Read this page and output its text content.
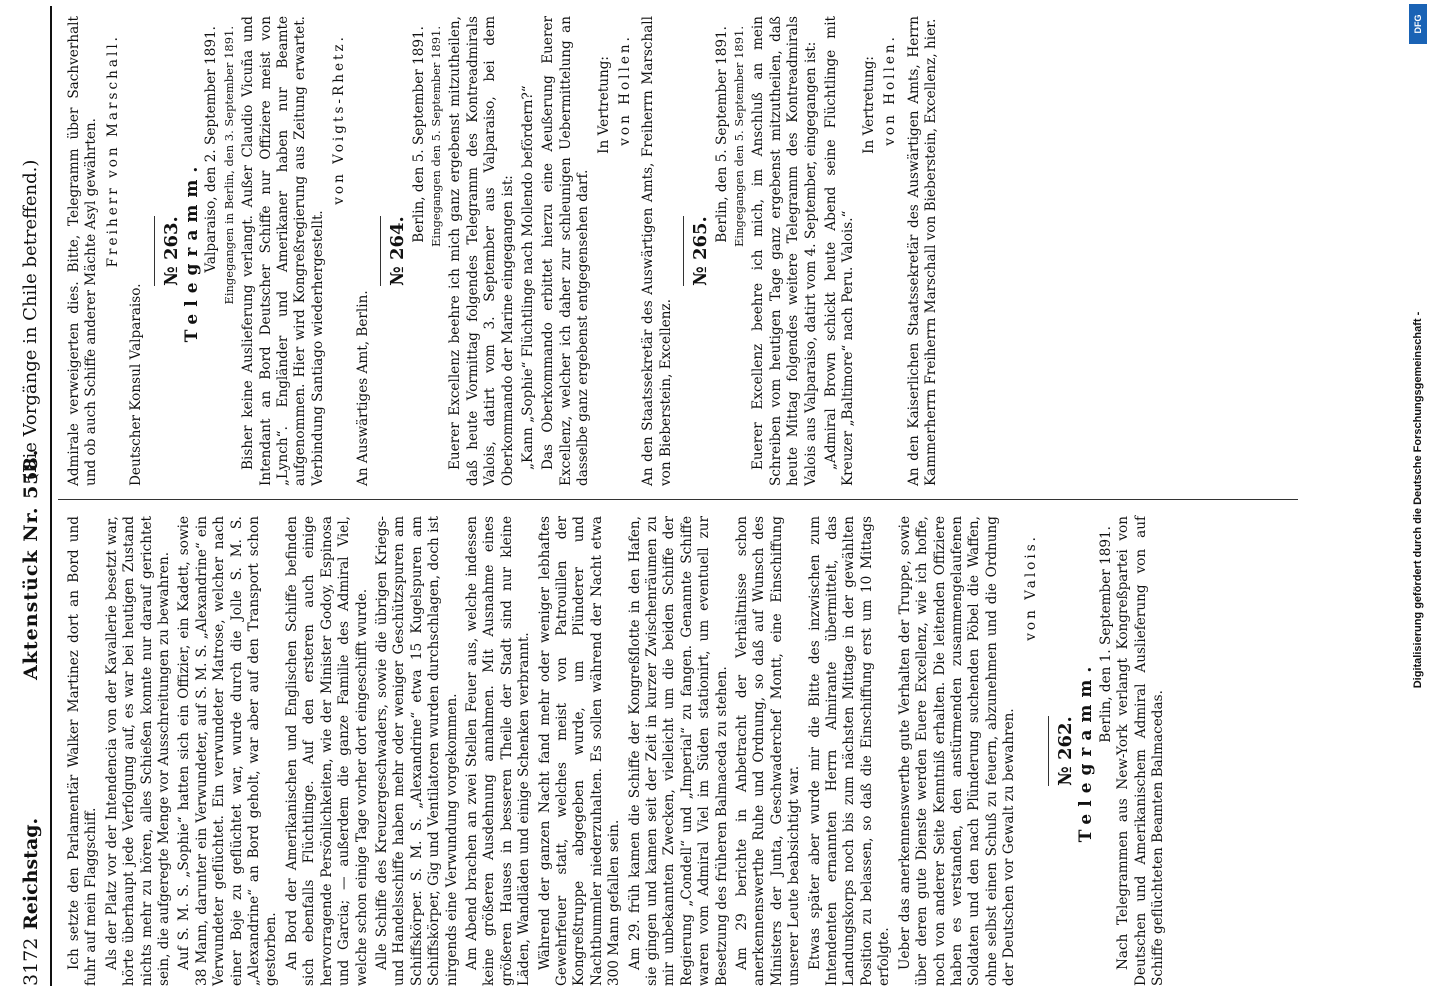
3172
Reichstag.
Aktenstück Nr. 558.
(Die Vorgänge in Chile betreffend.)

Ich setzte den Parlamentär Walker Martinez dort an Bord und fuhr auf mein Flaggschiff. Als der Platz vor der Intendencia von der Kavallerie besetzt war, hörte überhaupt jede Verfolgung auf, es war bei heutigen Zustand nichts mehr zu hören, alles Schießen konnte nur darauf gerichtet sein, die aufgeregte Menge vor Ausschreitungen zu bewahren. Auf S. M. S. „Sophie“ hatten sich ein Offizier, ein Kadett, sowie 38 Mann, darunter ein Verwundeter, auf S. M. S. „Alexandrine“ ein Verwundeter geflüchtet. Ein verwundeter Matrose, welcher nach einer Boje zu geflüchtet war, wurde durch die Jolle S. M. S. „Alexandrine“ an Bord geholt, war aber auf den Transport schon gestorben. An Bord der Amerikanischen und Englischen Schiffe befinden sich ebenfalls Flüchtlinge. Auf den ersteren auch einige hervorragende Persönlichkeiten, wie der Minister Godoy, Espinosa und Garcia; — außerdem die ganze Familie des Admiral Viel, welche schon einige Tage vorher dort eingeschifft wurde. Alle Schiffe des Kreuzergeschwaders, sowie die übrigen Kriegs- und Handelsschiffe haben mehr oder weniger Geschützspuren am Schiffskörper. S. M. S. „Alexandrine“ etwa 15 Kugelspuren am Schiffskörper, Gig und Ventilatoren wurden durchschlagen, doch ist nirgends eine Verwundung vorgekommen. Am Abend brachen an zwei Stellen Feuer aus, welche indessen keine größeren Ausdehnung annahmen. Mit Ausnahme eines größeren Hauses in besseren Theile der Stadt sind nur kleine Läden, Wandläden und einige Schenken verbrannt. Während der ganzen Nacht fand mehr oder weniger lebhaftes Gewehrfeuer statt, welches meist von Patrouillen der Kongreßtruppe abgegeben wurde, um Plünderer und Nachtbummler niederzuhalten. Es sollen während der Nacht etwa 300 Mann gefallen sein. Am 29. früh kamen die Schiffe der Kongreßflotte in den Hafen, sie gingen und kamen seit der Zeit in kurzer Zwischenräumen zu mir unbekannten Zwecken, vielleicht um die beiden Schiffe der Regierung „Condell“ und „Imperial“ zu fangen. Genannte Schiffe waren vom Admiral Viel im Süden stationirt, um eventuell zur Besetzung des früheren Balmaceda zu stehen. Am 29 berichte in Anbetracht der Verhältnisse schon anerkennenswerthe Ruhe und Ordnung, so daß auf Wunsch des Ministers der Junta, Geschwaderchef Montt, eine Einschiffung unserer Leute beabsichtigt war. Etwas später aber wurde mir die Bitte des inzwischen zum Intendenten ernannten Herrn Almirante übermittelt, das Landungskorps noch bis zum nächsten Mittage in der gewählten Position zu belassen, so daß die Einschiffung erst um 10 Mittags erfolgte. Ueber das anerkennenswerthe gute Verhalten der Truppe, sowie über deren gute Dienste werden Euere Excellenz, wie ich hoffe, noch von anderer Seite Kenntniß erhalten. Die leitenden Offiziere haben es verstanden, den anstürmenden zusammengelaufenen Soldaten und den nach Plünderung suchenden Pöbel die Waffen, ohne selbst einen Schuß zu feuern, abzunehmen und die Ordnung der Deutschen vor Gewalt zu bewahren.

von Valois.
№ 262. Telegramm.
Berlin, den 1. September 1891. Nach Telegrammen aus New-York verlangt Kongreßpartei von Deutschen und Amerikanischem Admiral Auslieferung von auf Schiffe geflüchteten Beamten Balmacedas.

Admirale verweigerten dies. Bitte, Telegramm über Sachverhalt und ob auch Schiffe anderer Mächte Asyl gewährten. Freiherr von Marschall.

Deutscher Konsul Valparaiso.

№ 263. Telegramm. Valparaiso, den 2. September 1891. Eingegangen in Berlin, den 3. September 1891. Bisher keine Auslieferung verlangt. Außer Claudio Vicuña und Intendant an Bord Deutscher Schiffe nur Offiziere meist von „Lynch“. Engländer und Amerikaner haben nur Beamte aufgenommen. Hier wird Kongreßregierung aus Zeitung erwartet. Verbindung Santiago wiederhergestellt.

von Voigts-Rhetz.

An Auswärtiges Amt, Berlin.

№ 264.
Berlin, den 5. September 1891. Eingegangen den 5. September 1891. Euerer Excellenz beehre ich mich ganz ergebenst mitzutheilen, daß heute Vormittag folgendes Telegramm des Kontreadmirals Valois, datirt vom 3. September aus Valparaiso, bei dem Oberkommando der Marine eingegangen ist: „Kann „Sophie“ Flüchtlinge nach Mollendo befördern?“ Das Oberkommando erbittet hierzu eine Aeußerung Euerer Excellenz, welcher ich daher zur schleunigen Uebermittelung an dasselbe ganz ergebenst entgegensehen darf.

In Vertretung: von Hollen. An den Staatssekretär des Auswärtigen Amts, Freiherrn Marschall von Bieberstein, Excellenz.

№ 265.
Berlin, den 5. September 1891. Eingegangen den 5. September 1891. Euerer Excellenz beehre ich mich, im Anschluß an mein Schreiben vom heutigen Tage ganz ergebenst mitzutheilen, daß heute Mittag folgendes weitere Telegramm des Kontreadmirals Valois aus Valparaiso, datirt vom 4. September, eingegangen ist: „Admiral Brown schickt heute Abend seine Flüchtlinge mit Kreuzer „Baltimore“ nach Peru. Valois.“

In Vertretung: von Hollen. An den Kaiserlichen Staatssekretär des Auswärtigen Amts, Herrn Kammerherrn Freiherrn Marschall von Bieberstein, Excellenz, hier.	DFG
Digitalisierung gefördert durch die Deutsche Forschungsgemeinschaft -
